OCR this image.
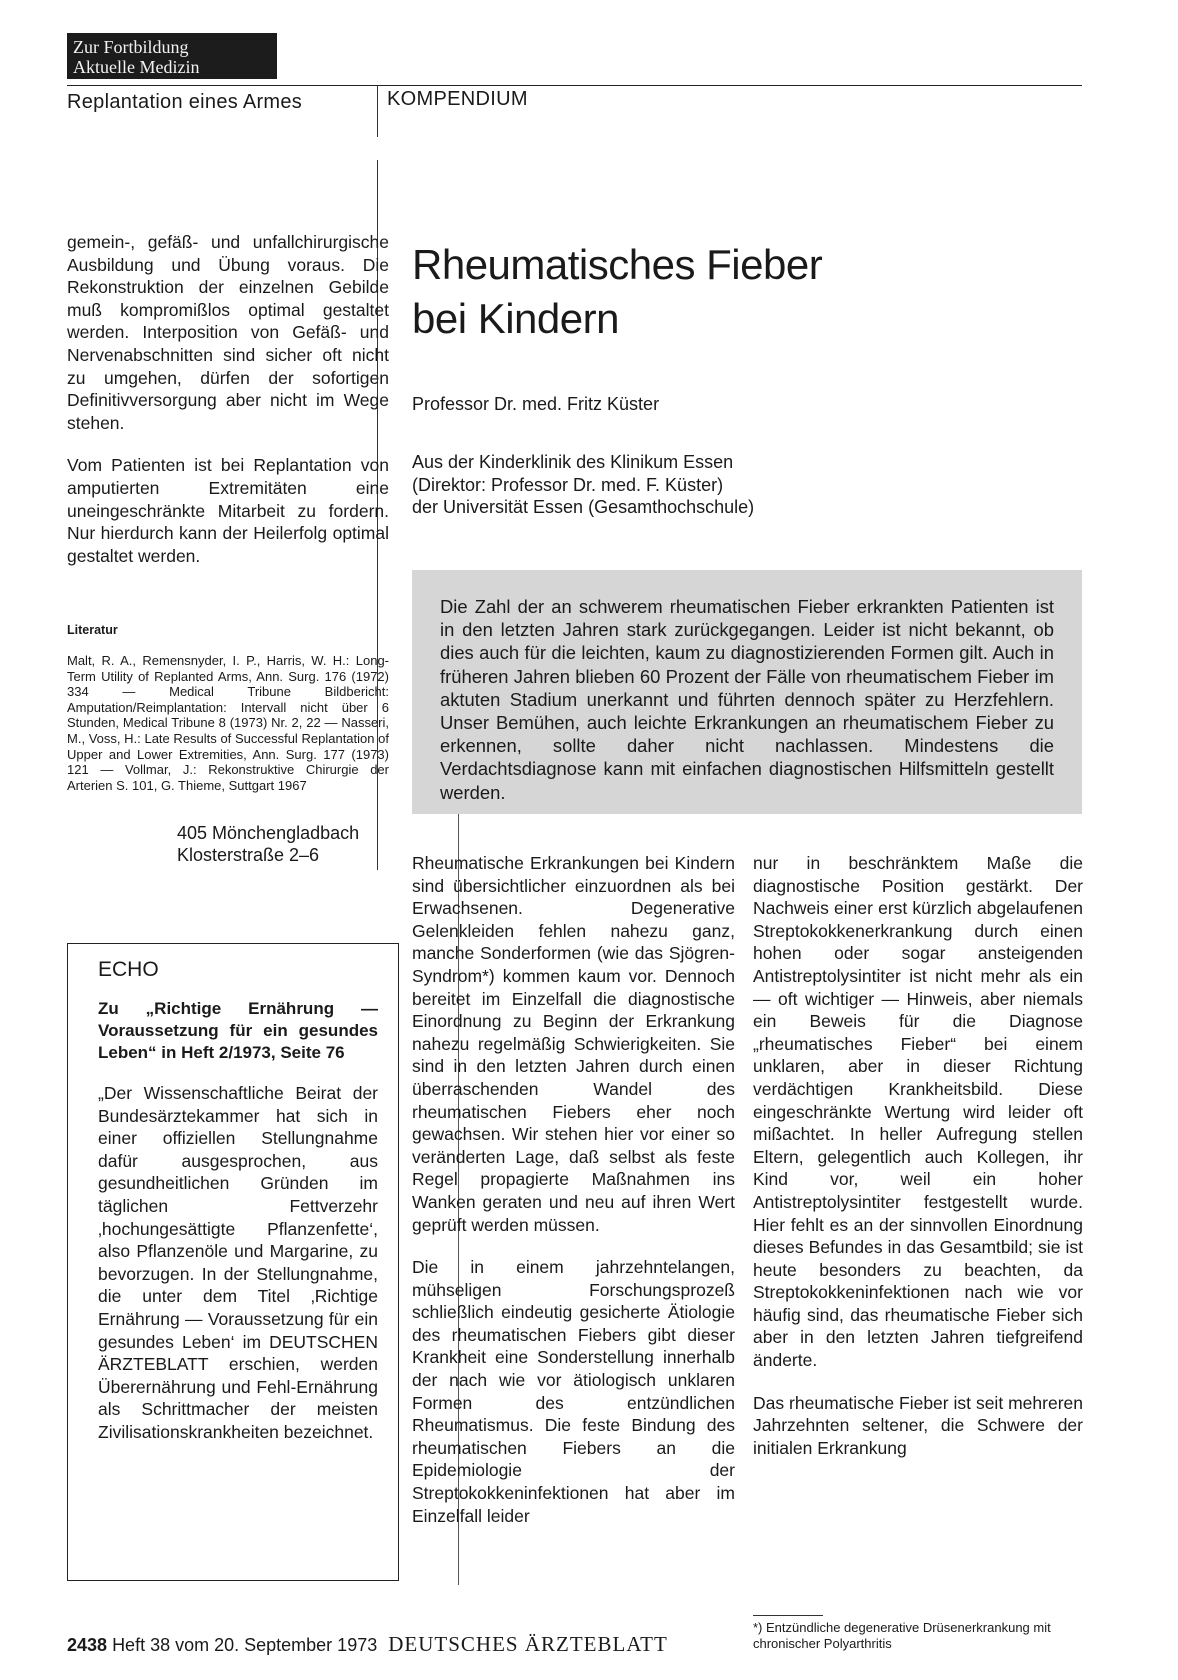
Zur Fortbildung
Aktuelle Medizin
Replantation eines Armes	KOMPENDIUM

gemein-, gefäß- und unfallchirurgische Ausbildung und Übung voraus. Die Rekonstruktion der einzelnen Gebilde muß kompromißlos optimal gestaltet werden. Interposition von Gefäß- und Nervenabschnitten sind sicher oft nicht zu umgehen, dürfen der sofortigen Definitivversorgung aber nicht im Wege stehen.

Vom Patienten ist bei Replantation von amputierten Extremitäten eine uneingeschränkte Mitarbeit zu fordern. Nur hierdurch kann der Heilerfolg optimal gestaltet werden.

Literatur
Malt, R. A., Remensnyder, I. P., Harris, W. H.: Long-Term Utility of Replanted Arms, Ann. Surg. 176 (1972) 334 — Medical Tribune Bildbericht: Amputation/Reimplantation: Intervall nicht über 6 Stunden, Medical Tribune 8 (1973) Nr. 2, 22 — Nasseri, M., Voss, H.: Late Results of Successful Replantation of Upper and Lower Extremities, Ann. Surg. 177 (1973) 121 — Vollmar, J.: Rekonstruktive Chirurgie der Arterien S. 101, G. Thieme, Suttgart 1967
405 Mönchengladbach
Klosterstraße 2–6
ECHO
Zu „Richtige Ernährung — Voraussetzung für ein gesundes Leben“ in Heft 2/1973, Seite 76
„Der Wissenschaftliche Beirat der Bundesärztekammer hat sich in einer offiziellen Stellungnahme dafür ausgesprochen, aus gesundheitlichen Gründen im täglichen Fettverzehr ‚hochungesättigte Pflanzenfette‘, also Pflanzenöle und Margarine, zu bevorzugen. In der Stellungnahme, die unter dem Titel ‚Richtige Ernährung — Voraussetzung für ein gesundes Leben‘ im DEUTSCHEN ÄRZTEBLATT erschien, werden Überernährung und Fehl-Ernährung als Schrittmacher der meisten Zivilisationskrankheiten bezeichnet.
Rheumatisches Fieber
bei Kindern
Professor Dr. med. Fritz Küster
Aus der Kinderklinik des Klinikum Essen
(Direktor: Professor Dr. med. F. Küster)
der Universität Essen (Gesamthochschule)
Die Zahl der an schwerem rheumatischen Fieber erkrankten Patienten ist in den letzten Jahren stark zurückgegangen. Leider ist nicht bekannt, ob dies auch für die leichten, kaum zu diagnostizierenden Formen gilt. Auch in früheren Jahren blieben 60 Prozent der Fälle von rheumatischem Fieber im aktuten Stadium unerkannt und führten dennoch später zu Herzfehlern. Unser Bemühen, auch leichte Erkrankungen an rheumatischem Fieber zu erkennen, sollte daher nicht nachlassen. Mindestens die Verdachtsdiagnose kann mit einfachen diagnostischen Hilfsmitteln gestellt werden.

Rheumatische Erkrankungen bei Kindern sind übersichtlicher einzuordnen als bei Erwachsenen. Degenerative Gelenkleiden fehlen nahezu ganz, manche Sonderformen (wie das Sjögren-Syndrom*) kommen kaum vor. Dennoch bereitet im Einzelfall die diagnostische Einordnung zu Beginn der Erkrankung nahezu regelmäßig Schwierigkeiten. Sie sind in den letzten Jahren durch einen überraschenden Wandel des rheumatischen Fiebers eher noch gewachsen. Wir stehen hier vor einer so veränderten Lage, daß selbst als feste Regel propagierte Maßnahmen ins Wanken geraten und neu auf ihren Wert geprüft werden müssen.

Die in einem jahrzehntelangen, mühseligen Forschungsprozeß schließlich eindeutig gesicherte Ätiologie des rheumatischen Fiebers gibt dieser Krankheit eine Sonderstellung innerhalb der nach wie vor ätiologisch unklaren Formen des entzündlichen Rheumatismus. Die feste Bindung des rheumatischen Fiebers an die Epidemiologie der Streptokokkeninfektionen hat aber im Einzelfall leider

nur in beschränktem Maße die diagnostische Position gestärkt. Der Nachweis einer erst kürzlich abgelaufenen Streptokokkenerkrankung durch einen hohen oder sogar ansteigenden Antistreptolysintiter ist nicht mehr als ein — oft wichtiger — Hinweis, aber niemals ein Beweis für die Diagnose „rheumatisches Fieber“ bei einem unklaren, aber in dieser Richtung verdächtigen Krankheitsbild. Diese eingeschränkte Wertung wird leider oft mißachtet. In heller Aufregung stellen Eltern, gelegentlich auch Kollegen, ihr Kind vor, weil ein hoher Antistreptolysintiter festgestellt wurde. Hier fehlt es an der sinnvollen Einordnung dieses Befundes in das Gesamtbild; sie ist heute besonders zu beachten, da Streptokokkeninfektionen nach wie vor häufig sind, das rheumatische Fieber sich aber in den letzten Jahren tiefgreifend änderte.

Das rheumatische Fieber ist seit mehreren Jahrzehnten seltener, die Schwere der initialen Erkrankung

*) Entzündliche degenerative Drüsenerkrankung mit chronischer Polyarthritis
2438 Heft 38 vom 20. September 1973 DEUTSCHES ÄRZTEBLATT
